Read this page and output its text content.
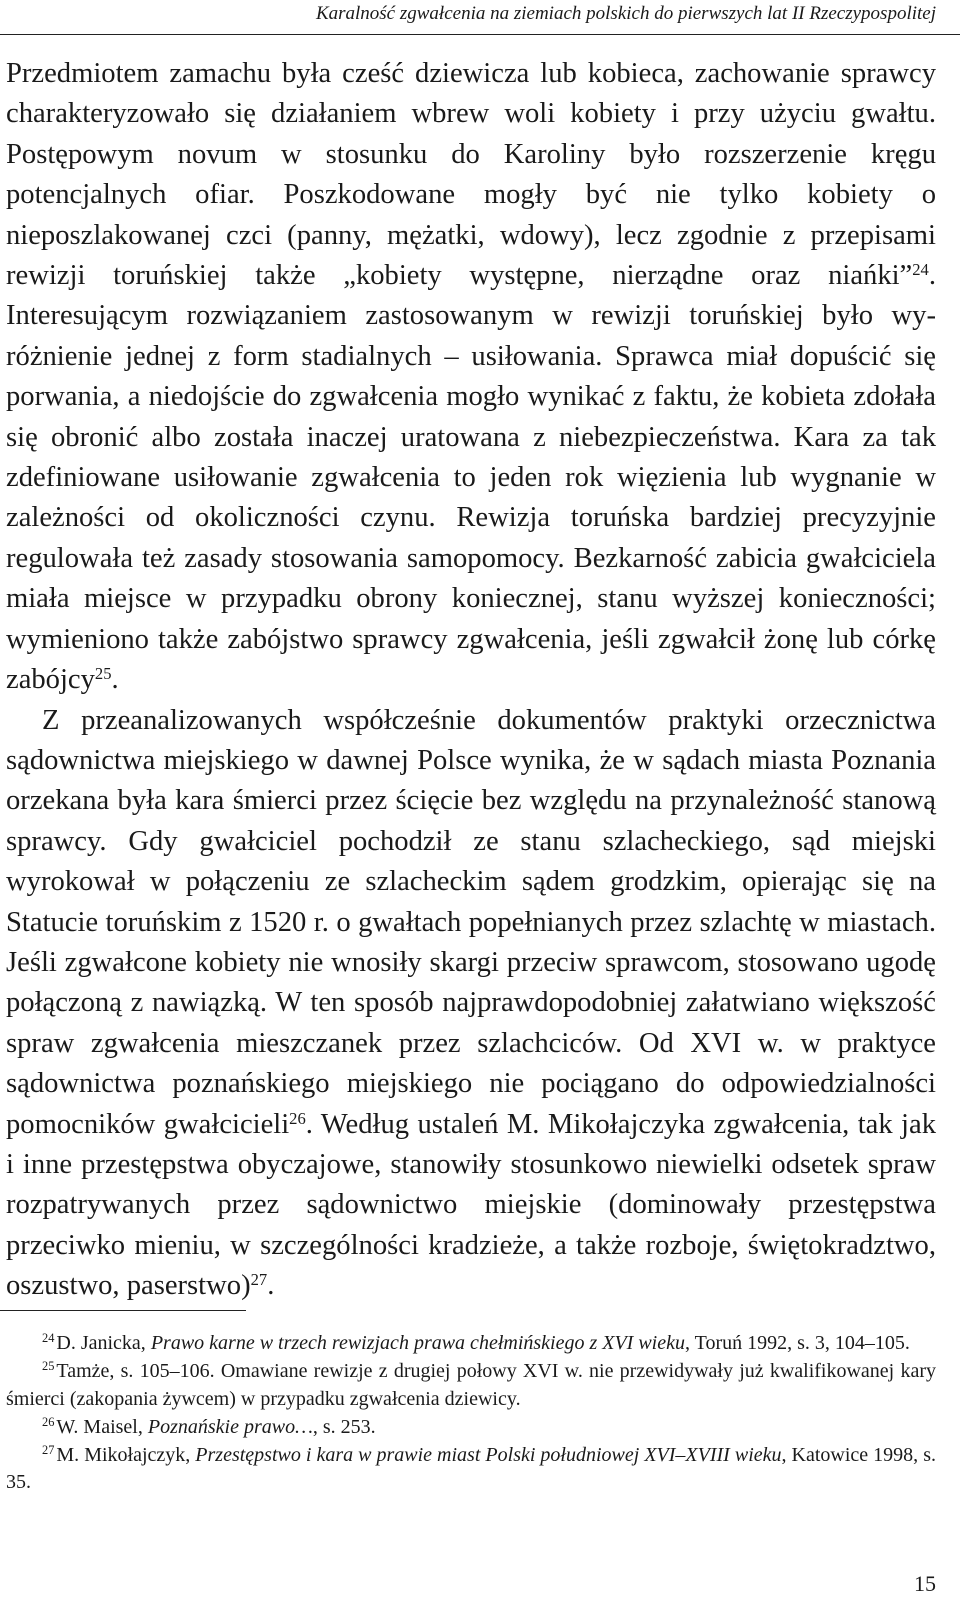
Karalność zgwałcenia na ziemiach polskich do pierwszych lat II Rzeczypospolitej

Przedmiotem zamachu była cześć dziewicza lub kobieca, zachowanie sprawcy charakteryzowało się działaniem wbrew woli kobiety i przy użyciu gwałtu. Postępowym novum w stosunku do Karoliny było rozszerzenie kręgu potencjalnych ofiar. Poszkodowane mogły być nie tylko kobiety o nieposzlakowanej czci (panny, mężatki, wdowy), lecz zgodnie z przepisami rewizji toruńskiej także „kobiety występne, nierządne oraz niańki”$^{24}$. Interesującym rozwiązaniem zastosowanym w rewizji toruńskiej było wyróżnienie jednej z form stadialnych – usiłowania. Sprawca miał dopuścić się porwania, a niedojście do zgwałcenia mogło wynikać z faktu, że kobieta zdołała się obronić albo została inaczej uratowana z niebezpieczeństwa. Kara za tak zdefiniowane usiłowanie zgwałcenia to jeden rok więzienia lub wygnanie w zależności od okoliczności czynu. Rewizja toruńska bardziej precyzyjnie regulowała też zasady stosowania samopomocy. Bezkarność zabicia gwałciciela miała miejsce w przypadku obrony koniecznej, stanu wyższej konieczności; wymieniono także zabójstwo sprawcy zgwałcenia, jeśli zgwałcił żonę lub córkę zabójcy$^{25}$.

Z przeanalizowanych współcześnie dokumentów praktyki orzecznictwa sądownictwa miejskiego w dawnej Polsce wynika, że w sądach miasta Poznania orzekana była kara śmierci przez ścięcie bez względu na przynależność stanową sprawcy. Gdy gwałciciel pochodził ze stanu szlacheckiego, sąd miejski wyrokował w połączeniu ze szlacheckim sądem grodzkim, opierając się na Statucie toruńskim z 1520 r. o gwałtach popełnianych przez szlachtę w miastach. Jeśli zgwałcone kobiety nie wnosiły skargi przeciw sprawcom, stosowano ugodę połączoną z nawiązką. W ten sposób najprawdopodobniej załatwiano większość spraw zgwałcenia mieszczanek przez szlachciców. Od XVI w. w praktyce sądownictwa poznańskiego miejskiego nie pociągano do odpowiedzialności pomocników gwałcicieli$^{26}$. Według ustaleń M. Mikołajczyka zgwałcenia, tak jak i inne przestępstwa obyczajowe, stanowiły stosunkowo niewielki odsetek spraw rozpatrywanych przez sądownictwo miejskie (dominowały przestępstwa przeciwko mieniu, w szczególności kradzieże, a także rozboje, świętokradztwo, oszustwo, paserstwo)$^{27}$.

$^{24}$ D. Janicka, Prawo karne w trzech rewizjach prawa chełmińskiego z XVI wieku, Toruń 1992, s. 3, 104–105.

$^{25}$ Tamże, s. 105–106. Omawiane rewizje z drugiej połowy XVI w. nie przewidywały już kwalifikowanej kary śmierci (zakopania żywcem) w przypadku zgwałcenia dziewicy.

$^{26}$ W. Maisel, Poznańskie prawo…, s. 253.

$^{27}$ M. Mikołajczyk, Przestępstwo i kara w prawie miast Polski południowej XVI–XVIII wieku, Katowice 1998, s. 35.

15
